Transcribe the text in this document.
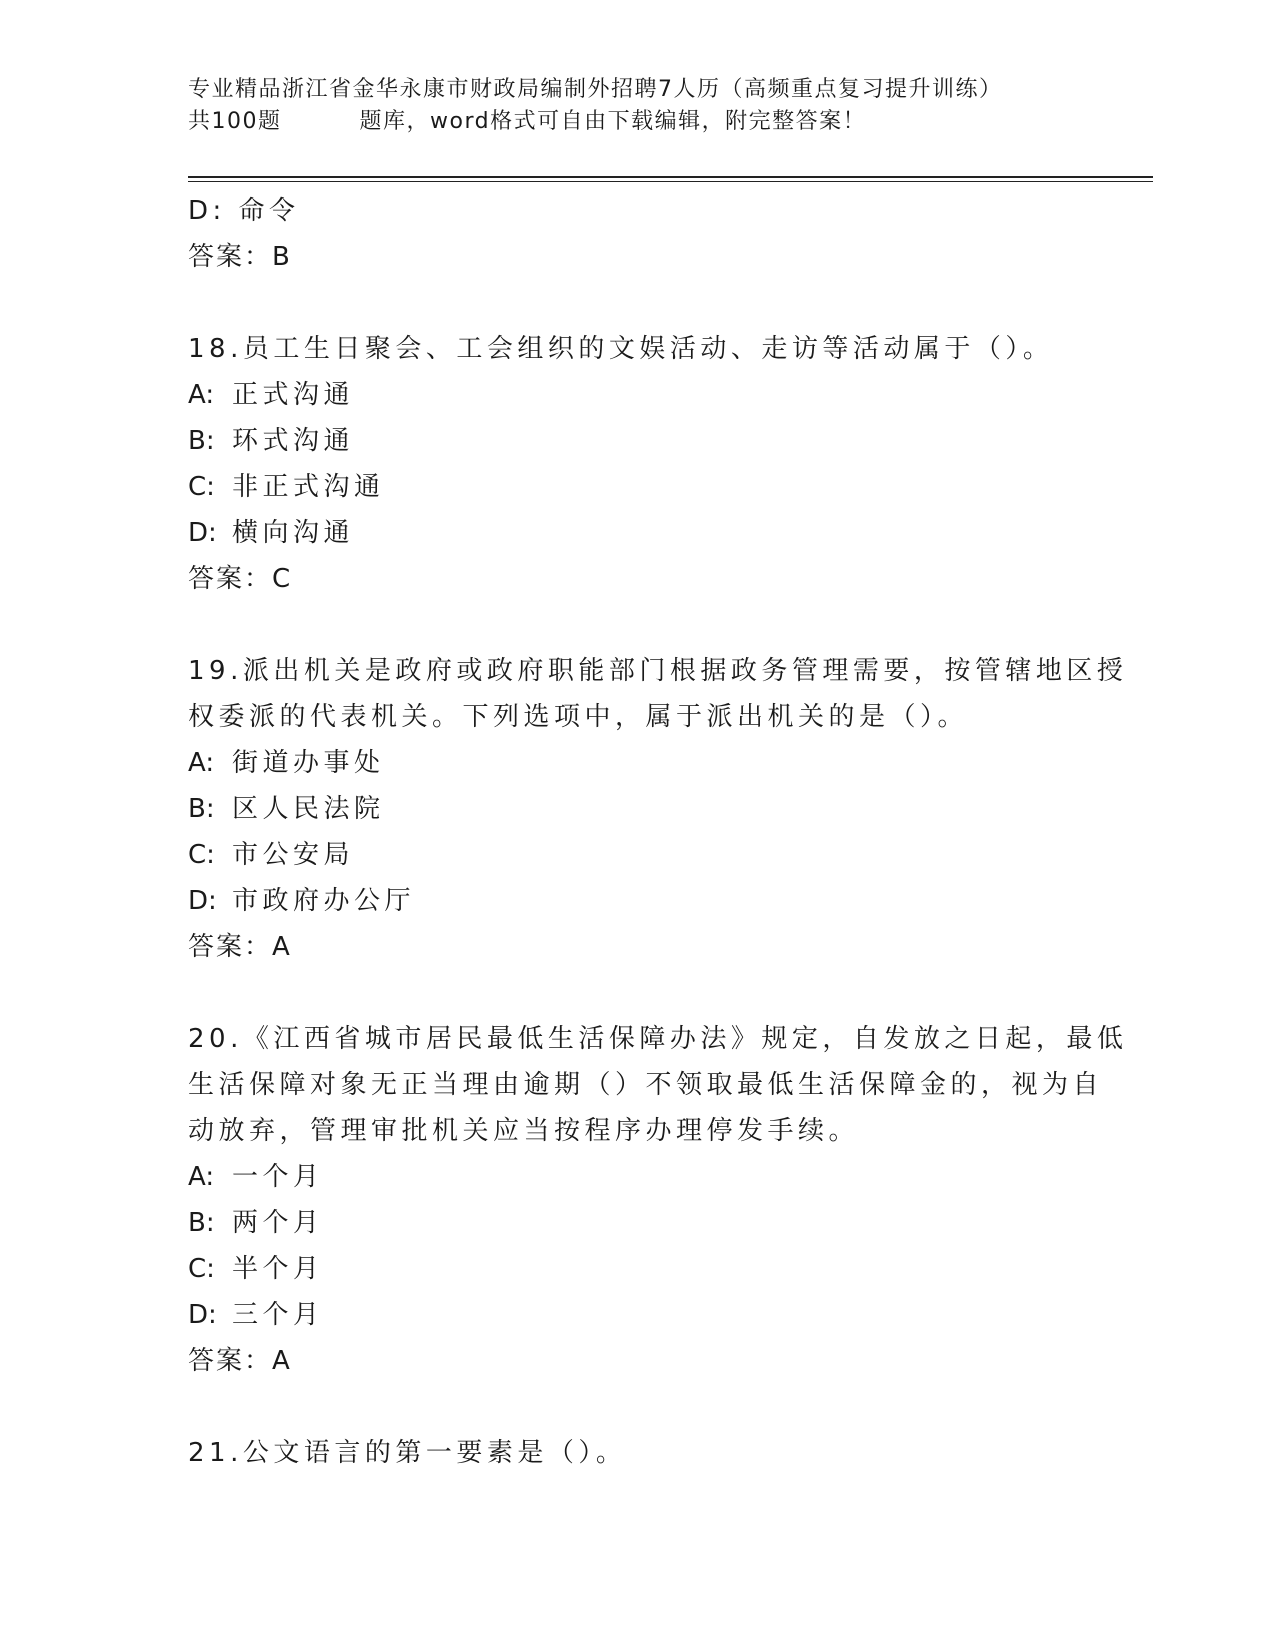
专业精品浙江省金华永康市财政局编制外招聘7人历（高频重点复习提升训练）
共100题	题库，word格式可自由下载编辑，附完整答案！
D: 命令
答案：B
18.员工生日聚会、工会组织的文娱活动、走访等活动属于（）。
A: 正式沟通
B: 环式沟通
C: 非正式沟通
D: 横向沟通
答案：C
19.派出机关是政府或政府职能部门根据政务管理需要，按管辖地区授
权委派的代表机关。下列选项中，属于派出机关的是（）。
A: 街道办事处
B: 区人民法院
C: 市公安局
D: 市政府办公厅
答案：A
20.《江西省城市居民最低生活保障办法》规定，自发放之日起，最低
生活保障对象无正当理由逾期（）不领取最低生活保障金的，视为自
动放弃，管理审批机关应当按程序办理停发手续。
A: 一个月
B: 两个月
C: 半个月
D: 三个月
答案：A
21.公文语言的第一要素是（）。
